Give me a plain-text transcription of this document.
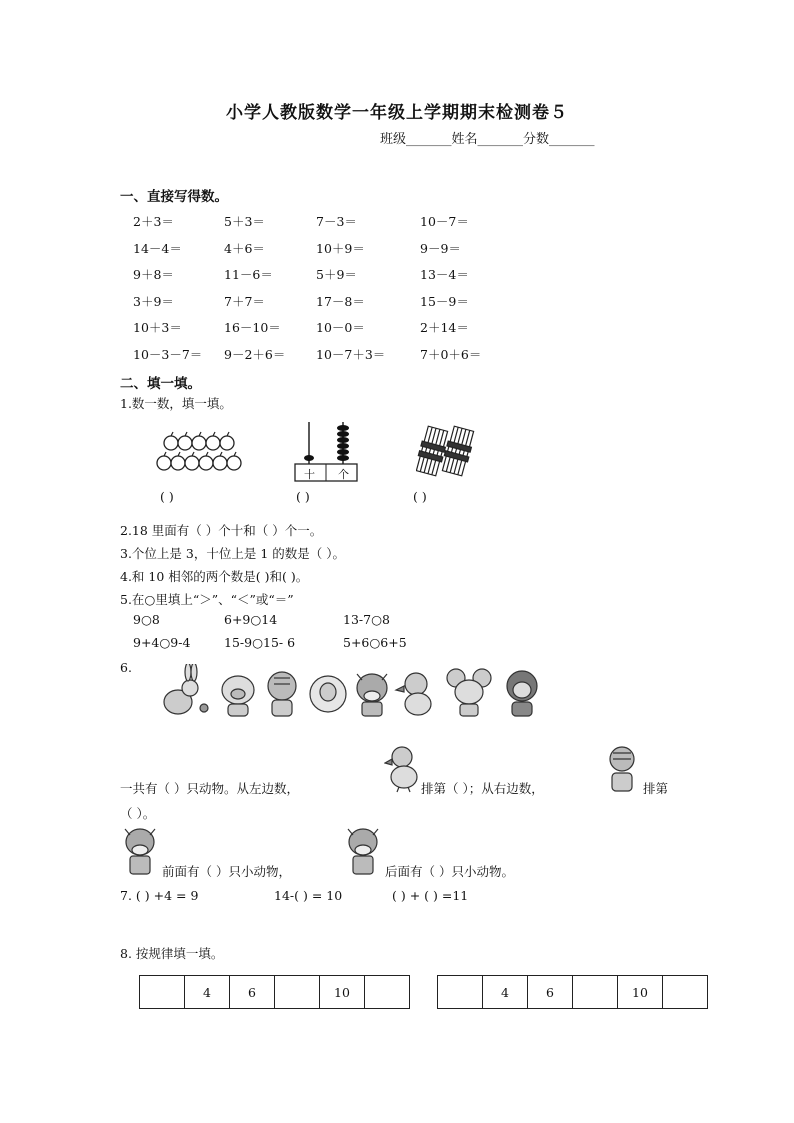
小学人教版数学一年级上学期期末检测卷５
班级_______姓名_______分数_______
一、直接写得数。
2＋3＝	5＋3＝	7－3＝	10－7＝
14－4＝	4＋6＝	10＋9＝	9－9＝
9＋8＝	11－6＝	5＋9＝	13－4＝
3＋9＝	7＋7＝	17－8＝	15－9＝
10＋3＝	16－10＝	10－0＝	2＋14＝
10－3－7＝ 9－2＋6＝ 10－7＋3＝	7＋0＋6＝
二、填一填。
1.数一数，填一填。
十 个
( )	( )	( )
2.18 里面有（ ）个十和（ ）个一。
3.个位上是 3，十位上是 1 的数是（ ）。
4.和 10 相邻的两个数是( )和( )。
5.在○里填上“＞”、“＜”或“＝”
9○8	6+9○14	13-7○8
9+4○9-4	15-9○15- 6	5+6○6+5
6.
一共有（ ）只动物。从左边数，	排第（ ）；从右边数，	排第
（ ）。
前面有（ ）只小动物，	后面有（ ）只小动物。
7. ( ) +4 = 9	14-( ) = 10	( ) + ( ) =11
8. 按规律填一填。
	4	6		10	
		4	6		10	
